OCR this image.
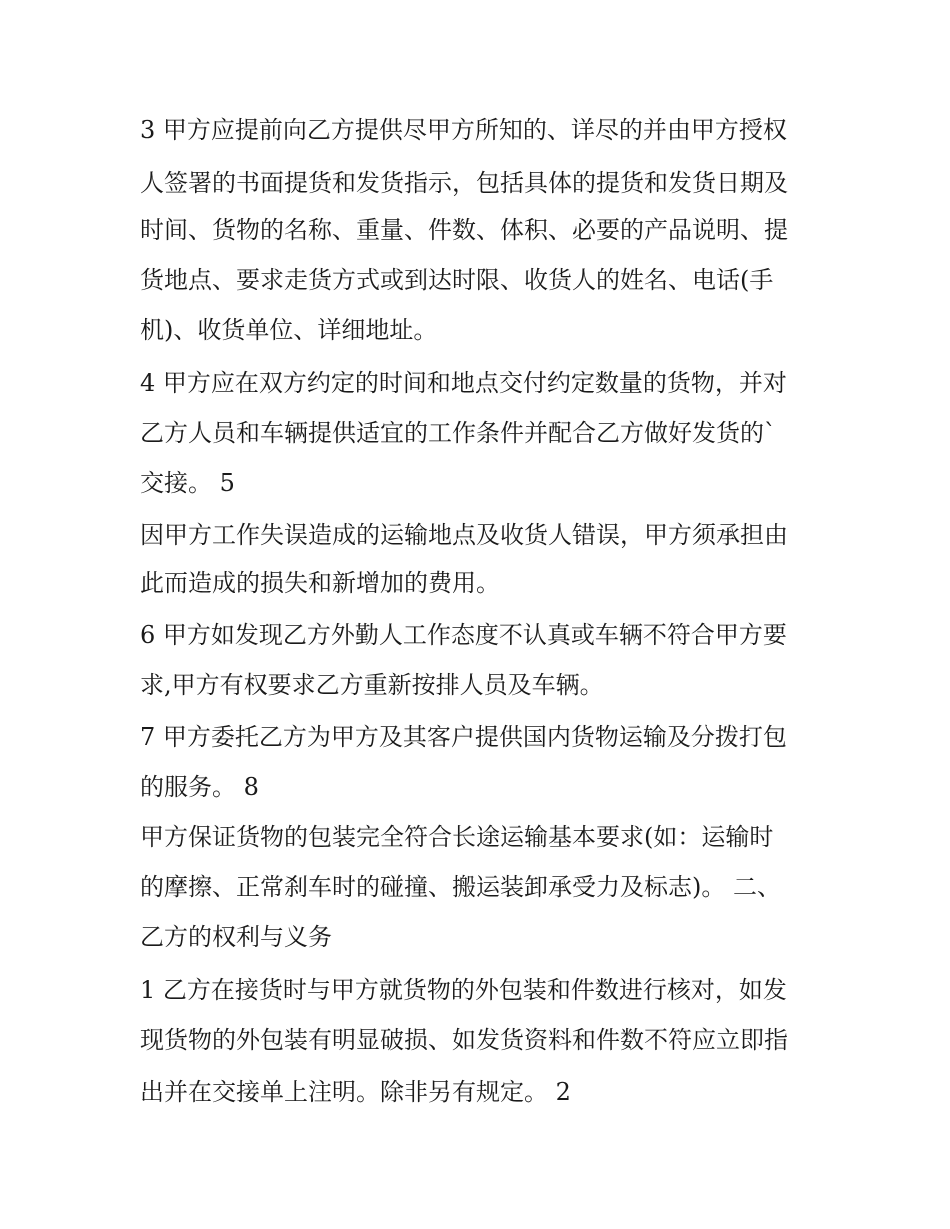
3 甲方应提前向乙方提供尽甲方所知的、详尽的并由甲方授权
人签署的书面提货和发货指示，包括具体的提货和发货日期及
时间、货物的名称、重量、件数、体积、必要的产品说明、提
货地点、要求走货方式或到达时限、收货人的姓名、电话(手
机)、收货单位、详细地址。
4 甲方应在双方约定的时间和地点交付约定数量的货物，并对
乙方人员和车辆提供适宜的工作条件并配合乙方做好发货的`
交接。 5
因甲方工作失误造成的运输地点及收货人错误，甲方须承担由
此而造成的损失和新增加的费用。
6 甲方如发现乙方外勤人工作态度不认真或车辆不符合甲方要
求,甲方有权要求乙方重新按排人员及车辆。
7 甲方委托乙方为甲方及其客户提供国内货物运输及分拨打包
的服务。 8
甲方保证货物的包装完全符合长途运输基本要求(如：运输时
的摩擦、正常刹车时的碰撞、搬运装卸承受力及标志)。 二、
乙方的权利与义务
1 乙方在接货时与甲方就货物的外包装和件数进行核对，如发
现货物的外包装有明显破损、如发货资料和件数不符应立即指
出并在交接单上注明。除非另有规定。 2
